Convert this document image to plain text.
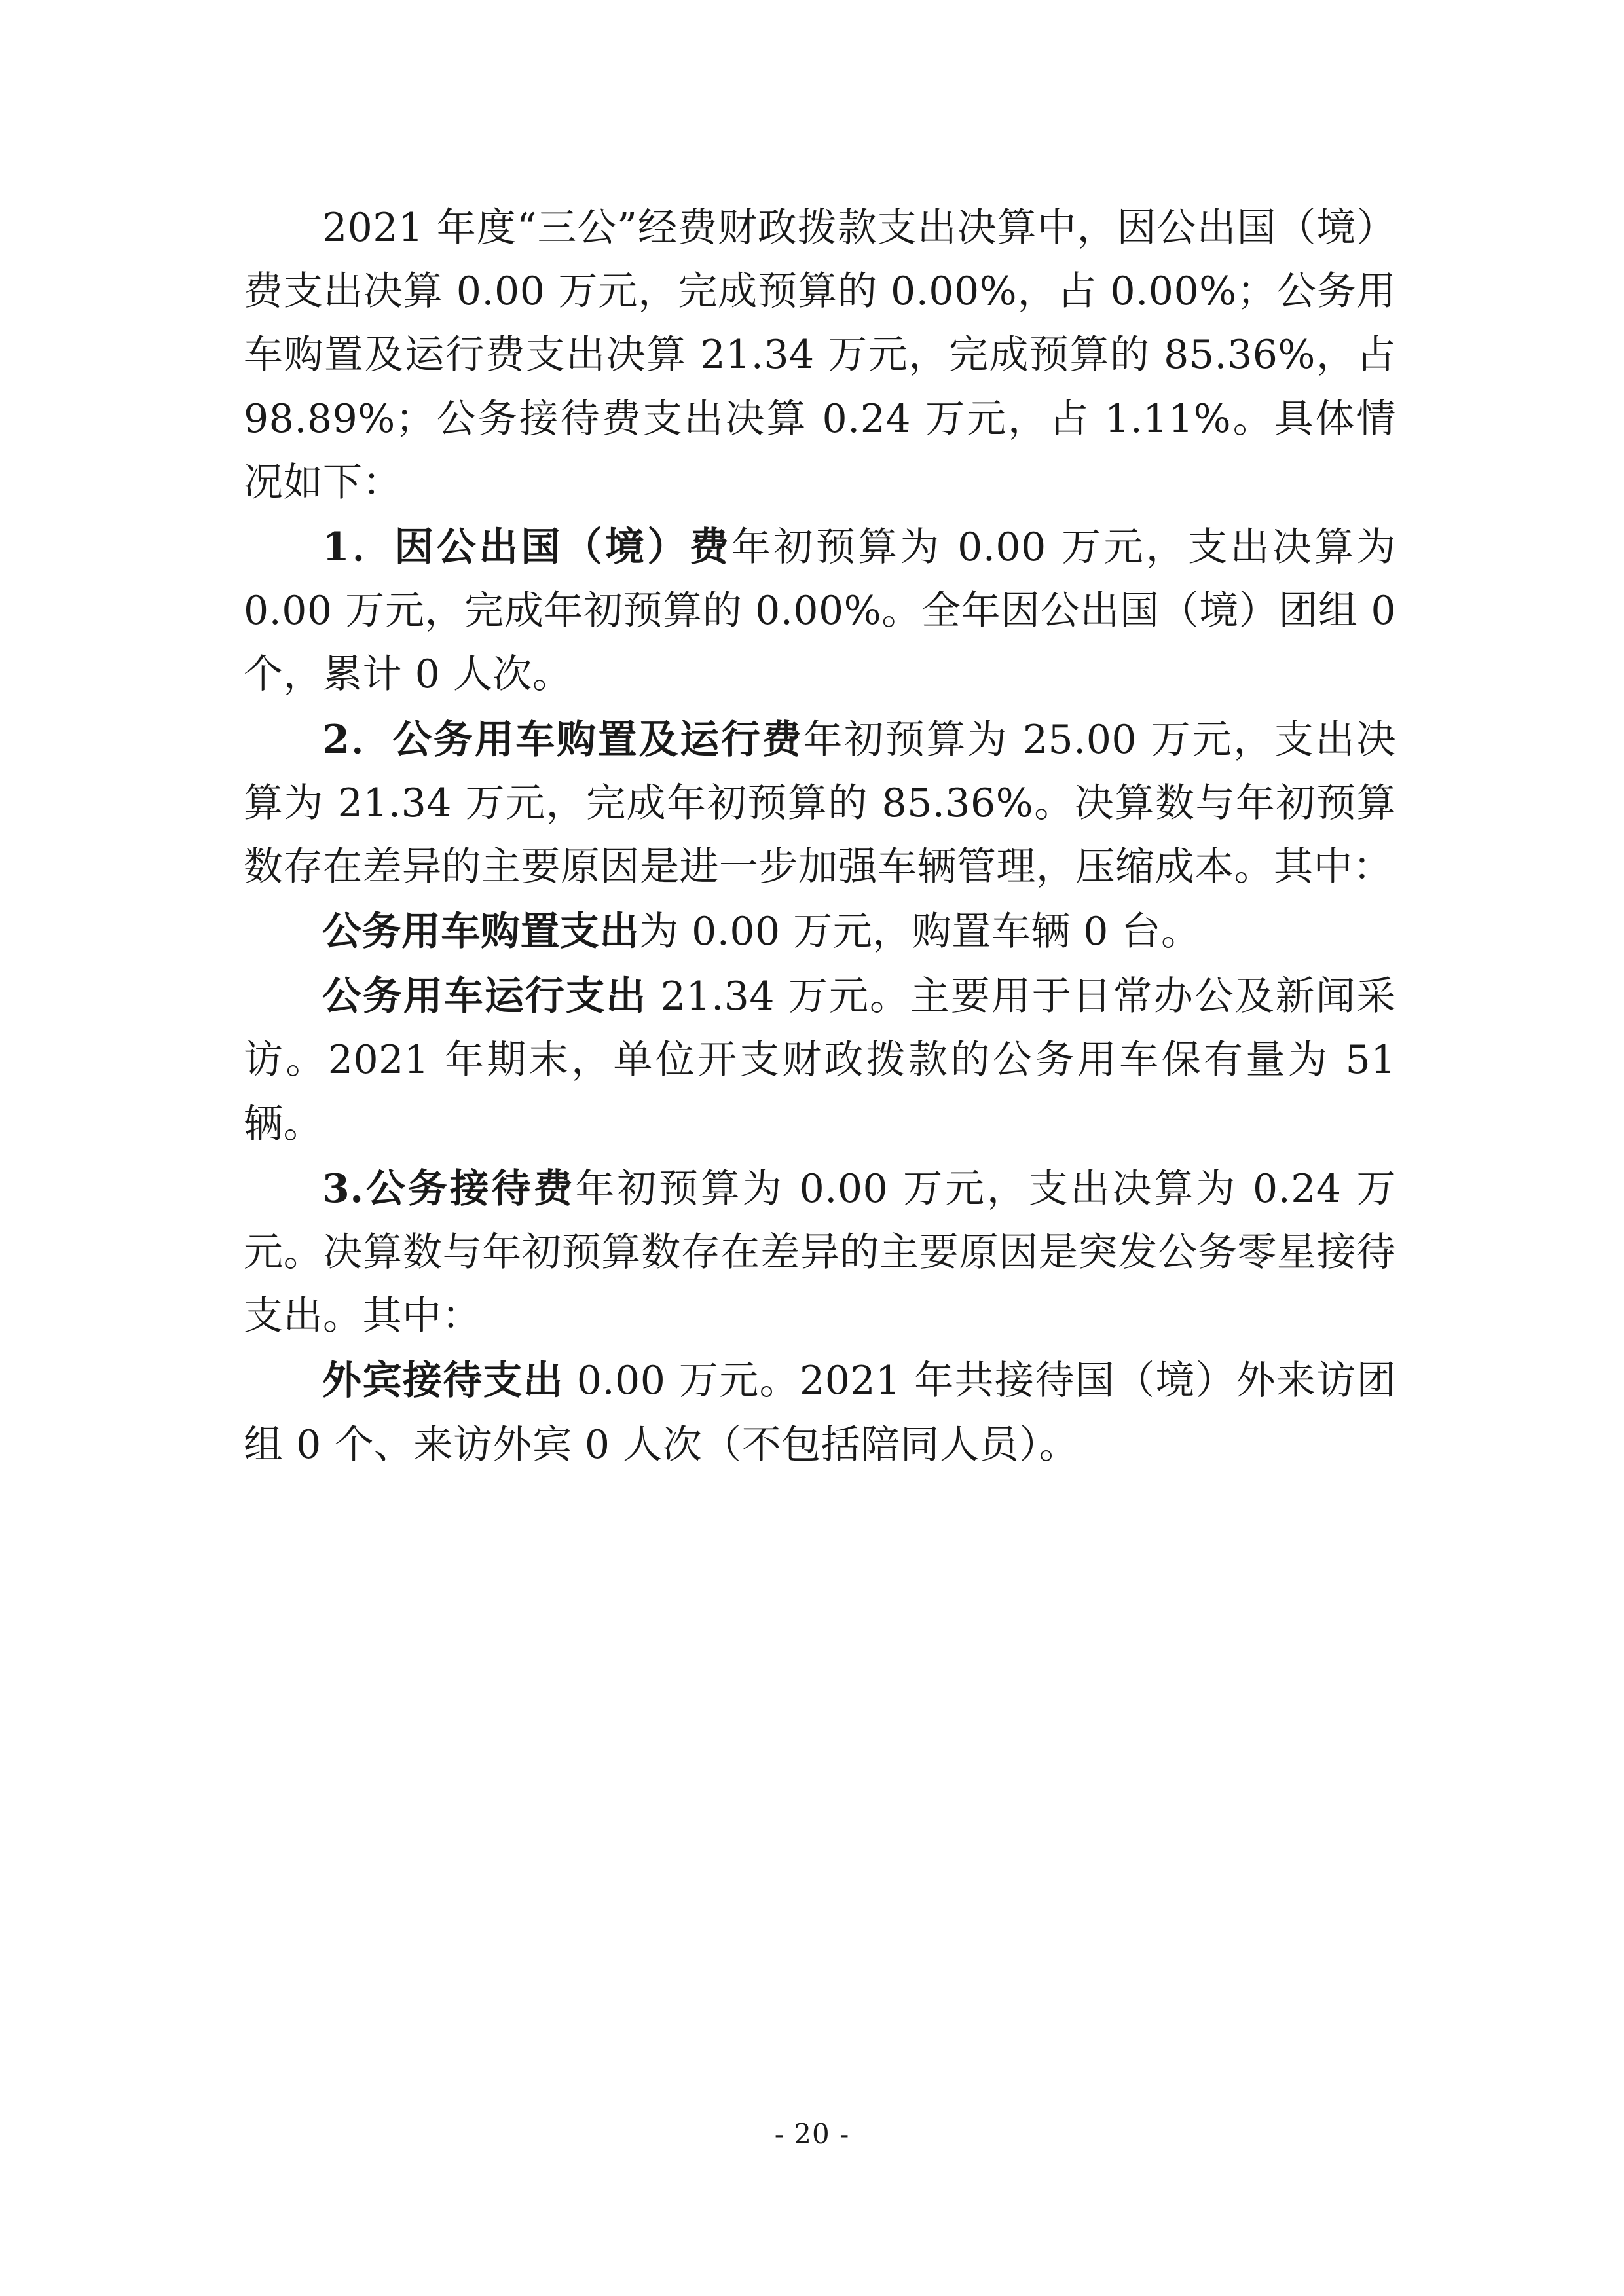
2021 年度“三公”经费财政拨款支出决算中，因公出国（境）费支出决算 0.00 万元，完成预算的 0.00%，占 0.00%；公务用车购置及运行费支出决算 21.34 万元，完成预算的 85.36%，占 98.89%；公务接待费支出决算 0.24 万元，占 1.11%。具体情况如下：

1．因公出国（境）费年初预算为 0.00 万元，支出决算为 0.00 万元，完成年初预算的 0.00%。全年因公出国（境）团组 0 个，累计 0 人次。

2．公务用车购置及运行费年初预算为 25.00 万元，支出决算为 21.34 万元，完成年初预算的 85.36%。决算数与年初预算数存在差异的主要原因是进一步加强车辆管理，压缩成本。其中：

公务用车购置支出为 0.00 万元，购置车辆 0 台。

公务用车运行支出 21.34 万元。主要用于日常办公及新闻采访。2021 年期末，单位开支财政拨款的公务用车保有量为 51 辆。

3.公务接待费年初预算为 0.00 万元，支出决算为 0.24 万元。决算数与年初预算数存在差异的主要原因是突发公务零星接待支出。其中：

外宾接待支出 0.00 万元。2021 年共接待国（境）外来访团组 0 个、来访外宾 0 人次（不包括陪同人员）。

- 20 -
